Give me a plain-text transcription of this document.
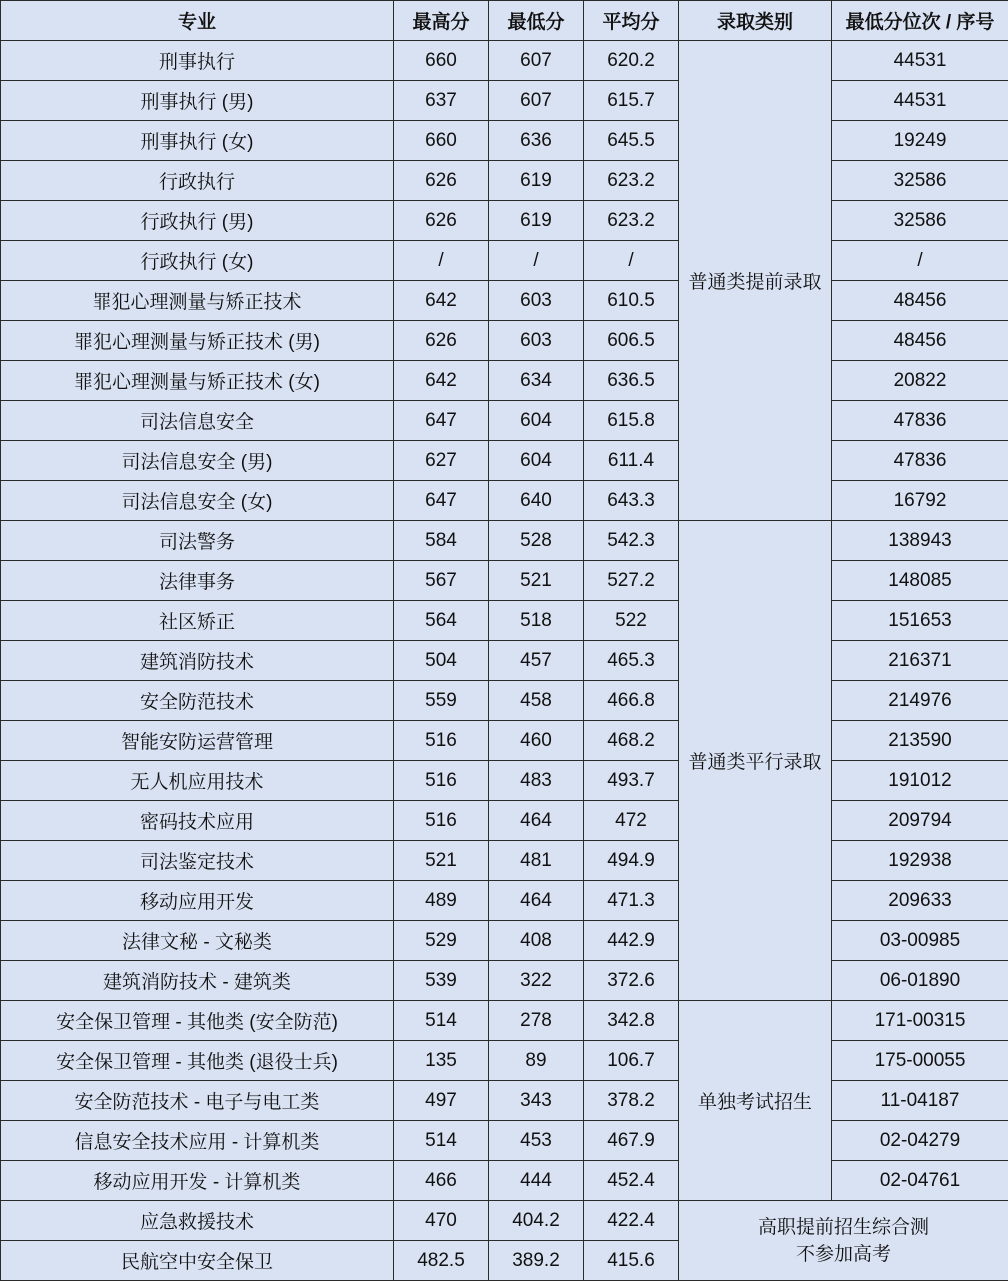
专业	最高分	最低分	平均分	录取类别	最低分位次 / 序号
刑事执行	660	607	620.2	普通类提前录取	44531
刑事执行 (男)	637	607	615.7		44531
刑事执行 (女)	660	636	645.5		19249
行政执行	626	619	623.2		32586
行政执行 (男)	626	619	623.2		32586
行政执行 (女)	/	/	/		/
罪犯心理测量与矫正技术	642	603	610.5		48456
罪犯心理测量与矫正技术 (男)	626	603	606.5		48456
罪犯心理测量与矫正技术 (女)	642	634	636.5		20822
司法信息安全	647	604	615.8		47836
司法信息安全 (男)	627	604	611.4		47836
司法信息安全 (女)	647	640	643.3		16792
司法警务	584	528	542.3	普通类平行录取	138943
法律事务	567	521	527.2		148085
社区矫正	564	518	522		151653
建筑消防技术	504	457	465.3		216371
安全防范技术	559	458	466.8		214976
智能安防运营管理	516	460	468.2		213590
无人机应用技术	516	483	493.7		191012
密码技术应用	516	464	472		209794
司法鉴定技术	521	481	494.9		192938
移动应用开发	489	464	471.3		209633
法律文秘 - 文秘类	529	408	442.9		03-00985
建筑消防技术 - 建筑类	539	322	372.6		06-01890
安全保卫管理 - 其他类 (安全防范)	514	278	342.8	单独考试招生	171-00315
安全保卫管理 - 其他类 (退役士兵)	135	89	106.7		175-00055
安全防范技术 - 电子与电工类	497	343	378.2		11-04187
信息安全技术应用 - 计算机类	514	453	467.9		02-04279
移动应用开发 - 计算机类	466	444	452.4		02-04761
应急救援技术	470	404.2	422.4	高职提前招生综合测
不参加高考	

民航空中安全保卫	482.5	389.2	415.6		
